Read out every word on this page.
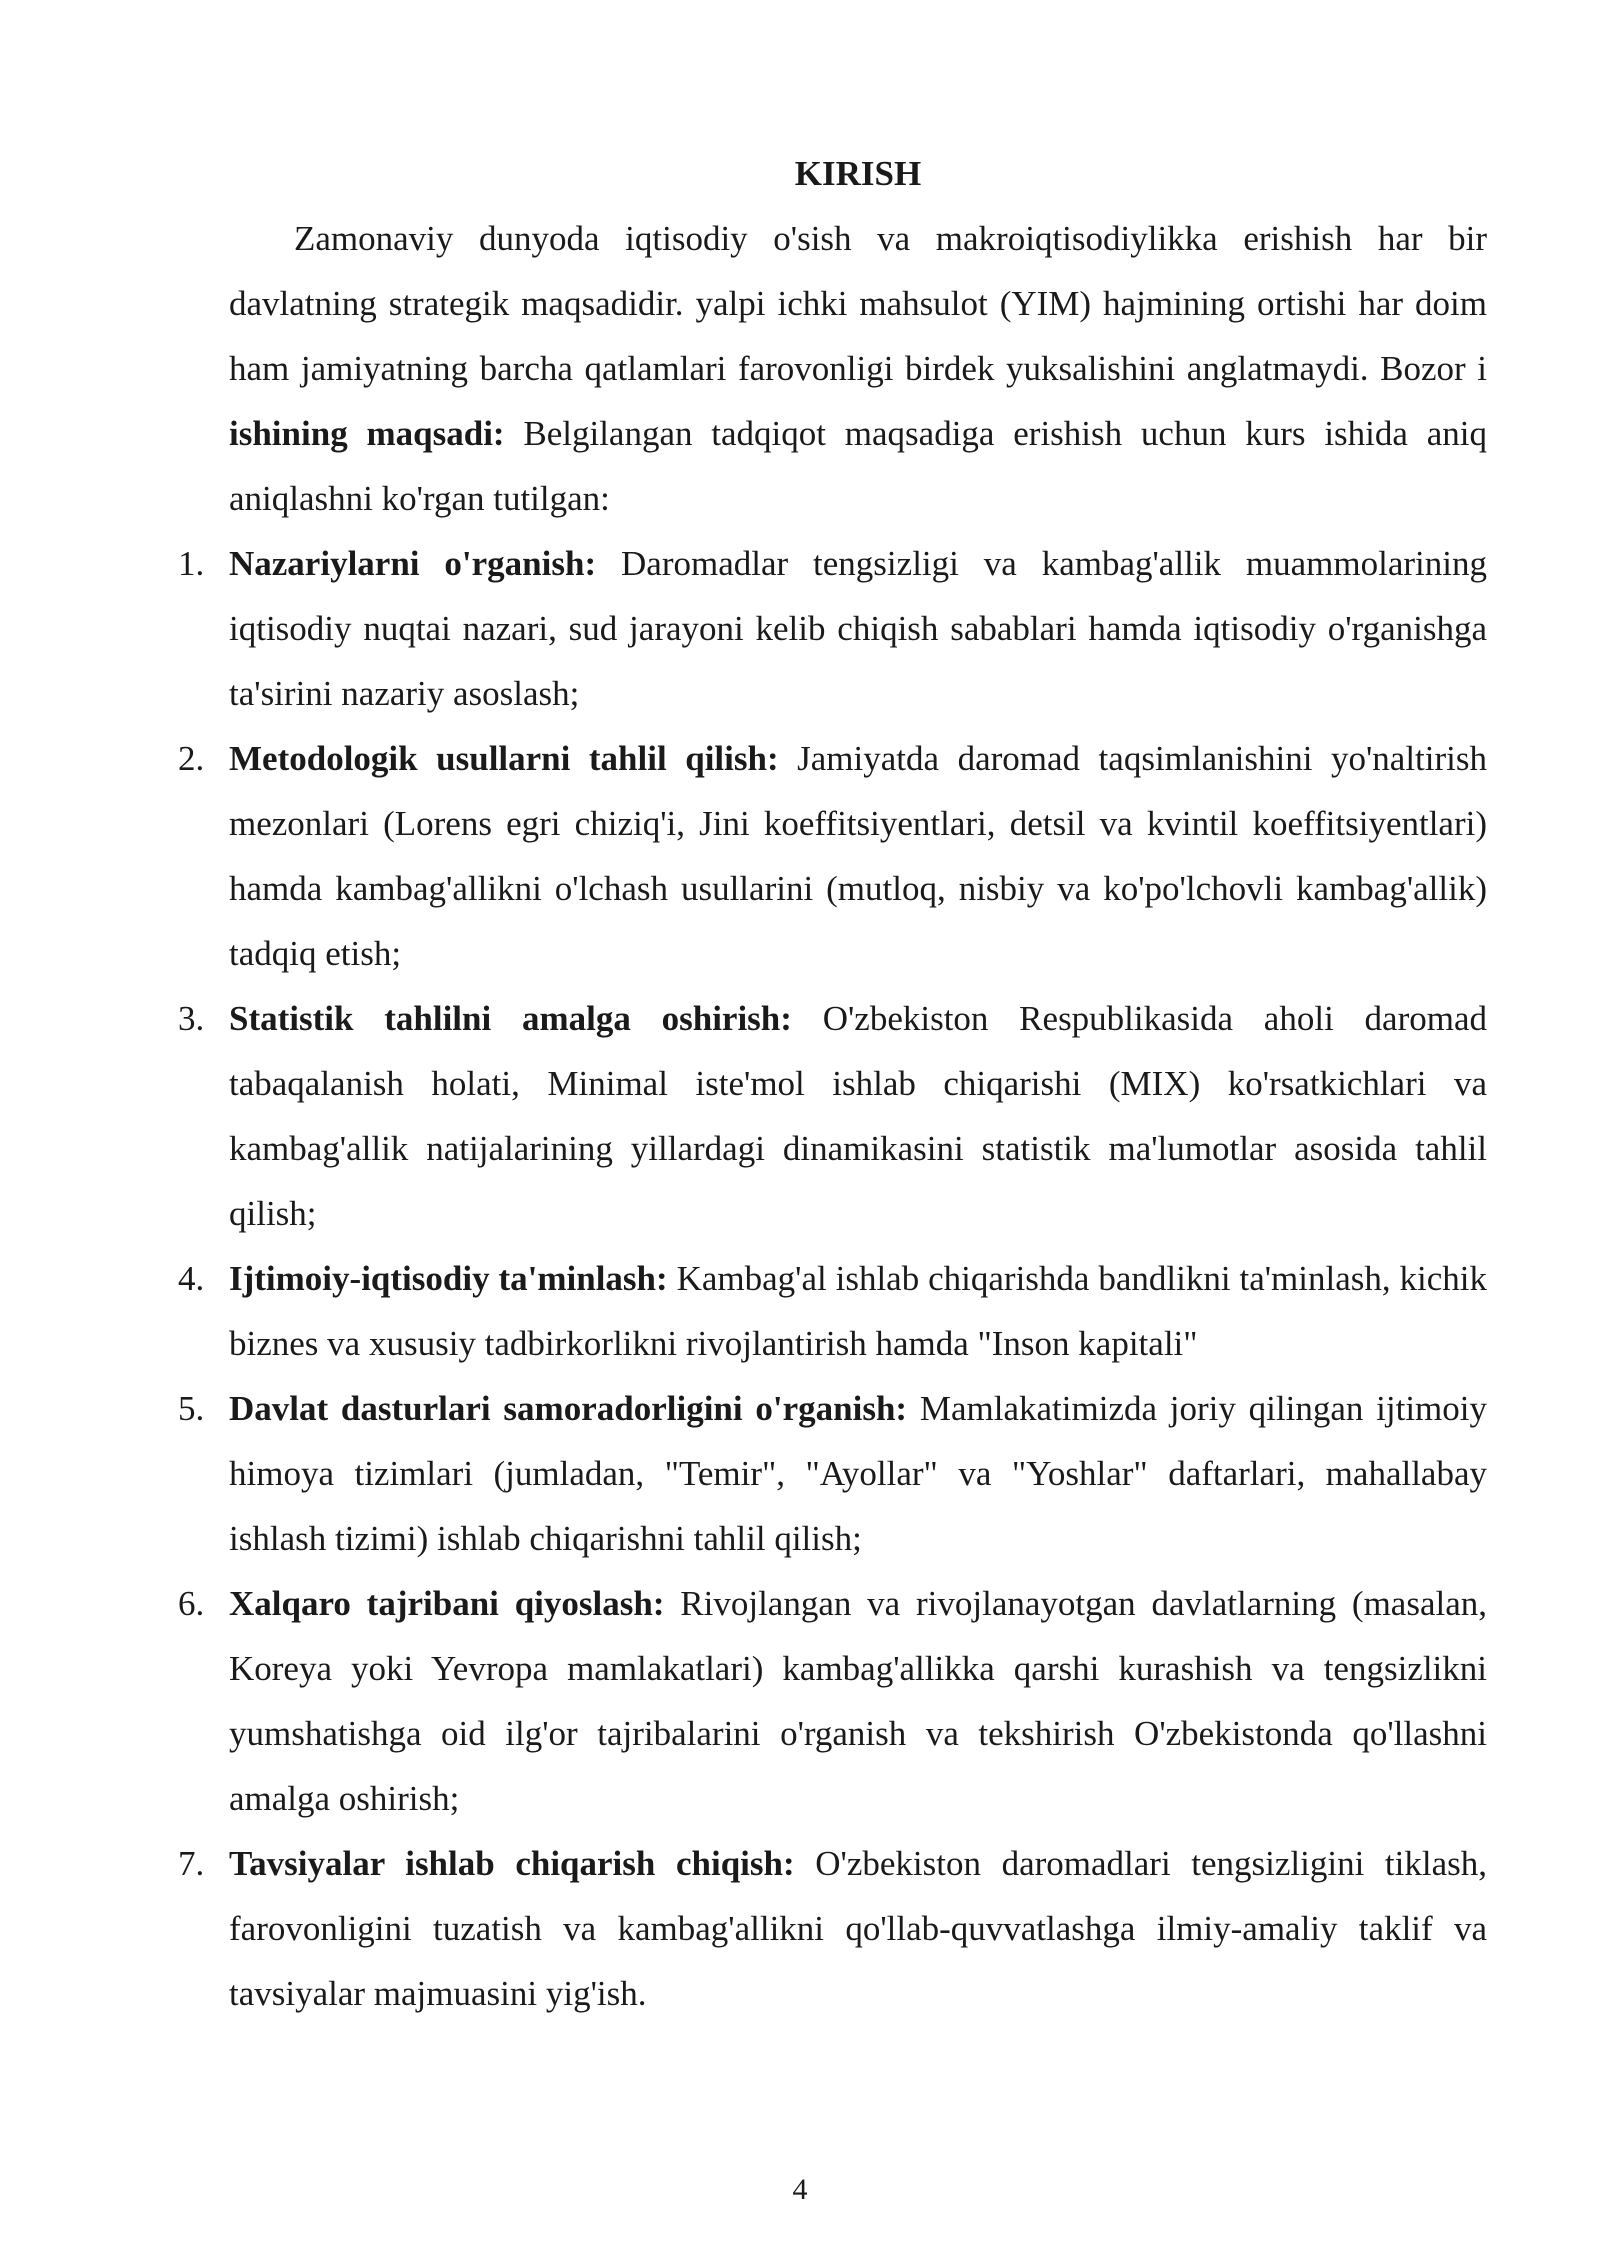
KIRISH

Zamonaviy dunyoda iqtisodiy o'sish va makroiqtisodiylikka erishish har bir davlatning strategik maqsadidir. yalpi ichki mahsulot (YIM) hajmining ortishi har doim ham jamiyatning barcha qatlamlari farovonligi birdek yuksalishini anglatmaydi. Bozor i ishining maqsadi: Belgilangan tadqiqot maqsadiga erishish uchun kurs ishida aniq aniqlashni ko'rgan tutilgan:

1. Nazariylarni o'rganish: Daromadlar tengsizligi va kambag'allik muammolarining iqtisodiy nuqtai nazari, sud jarayoni kelib chiqish sabablari hamda iqtisodiy o'rganishga ta'sirini nazariy asoslash;
2. Metodologik usullarni tahlil qilish: Jamiyatda daromad taqsimlanishini yo'naltirish mezonlari (Lorens egri chiziq'i, Jini koeffitsiyentlari, detsil va kvintil koeffitsiyentlari) hamda kambag'allikni o'lchash usullarini (mutloq, nisbiy va ko'po'lchovli kambag'allik) tadqiq etish;
3. Statistik tahlilni amalga oshirish: O'zbekiston Respublikasida aholi daromad tabaqalanish holati, Minimal iste'mol ishlab chiqarishi (MIX) ko'rsatkichlari va kambag'allik natijalarining yillardagi dinamikasini statistik ma'lumotlar asosida tahlil qilish;
4. Ijtimoiy-iqtisodiy ta'minlash: Kambag'al ishlab chiqarishda bandlikni ta'minlash, kichik biznes va xususiy tadbirkorlikni rivojlantirish hamda "Inson kapitali"
5. Davlat dasturlari samoradorligini o'rganish: Mamlakatimizda joriy qilingan ijtimoiy himoya tizimlari (jumladan, "Temir", "Ayollar" va "Yoshlar" daftarlari, mahallabay ishlash tizimi) ishlab chiqarishni tahlil qilish;
6. Xalqaro tajribani qiyoslash: Rivojlangan va rivojlanayotgan davlatlarning (masalan, Koreya yoki Yevropa mamlakatlari) kambag'allikka qarshi kurashish va tengsizlikni yumshatishga oid ilg'or tajribalarini o'rganish va tekshirish O'zbekistonda qo'llashni amalga oshirish;
7. Tavsiyalar ishlab chiqarish chiqish: O'zbekiston daromadlari tengsizligini tiklash, farovonligini tuzatish va kambag'allikni qo'llab-quvvatlashga ilmiy-amaliy taklif va tavsiyalar majmuasini yig'ish.
4
